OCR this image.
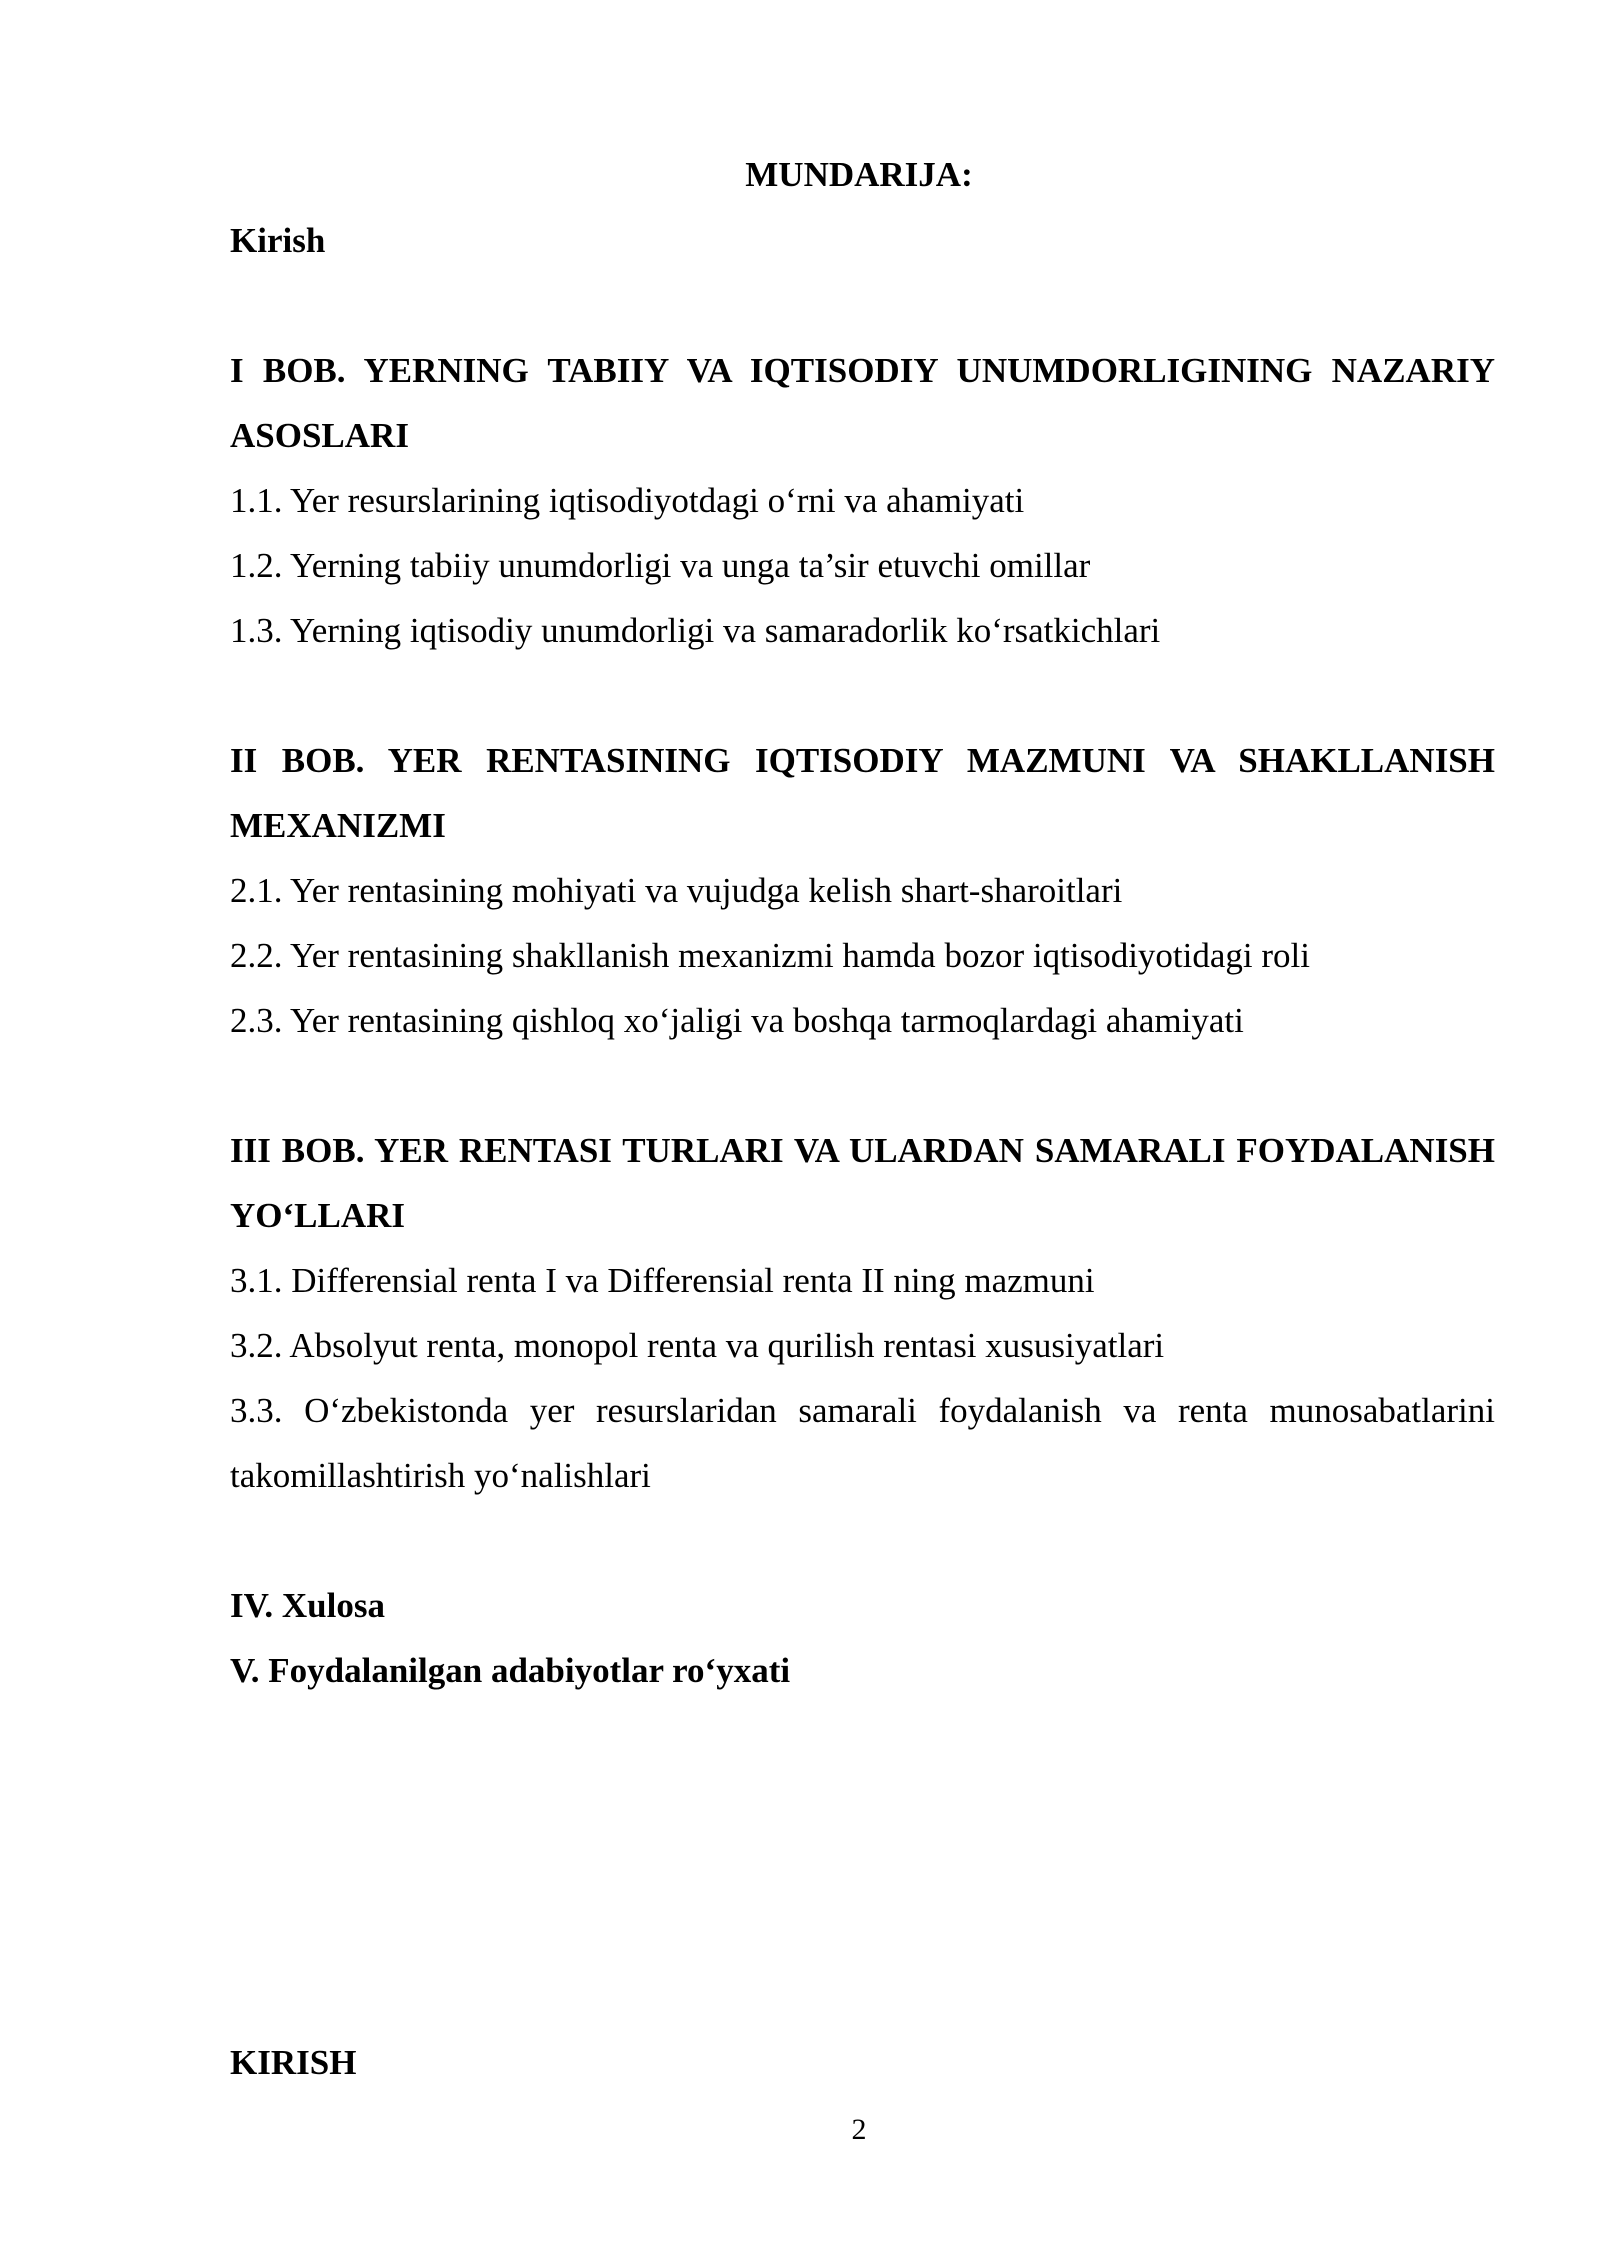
MUNDARIJA:
Kirish

I BOB. YERNING TABIIY VA IQTISODIY UNUMDORLIGINING NAZARIY ASOSLARI

1.1. Yer resurslarining iqtisodiyotdagi o‘rni va ahamiyati

1.2. Yerning tabiiy unumdorligi va unga ta’sir etuvchi omillar

1.3. Yerning iqtisodiy unumdorligi va samaradorlik ko‘rsatkichlari

II BOB. YER RENTASINING IQTISODIY MAZMUNI VA SHAKLLANISH MEXANIZMI

2.1. Yer rentasining mohiyati va vujudga kelish shart-sharoitlari

2.2. Yer rentasining shakllanish mexanizmi hamda bozor iqtisodiyotidagi roli

2.3. Yer rentasining qishloq xo‘jaligi va boshqa tarmoqlardagi ahamiyati

III BOB. YER RENTASI TURLARI VA ULARDAN SAMARALI FOYDALANISH YO‘LLARI

3.1. Differensial renta I va Differensial renta II ning mazmuni

3.2. Absolyut renta, monopol renta va qurilish rentasi xususiyatlari

3.3. O‘zbekistonda yer resurslaridan samarali foydalanish va renta munosabatlarini takomillashtirish yo‘nalishlari

IV. Xulosa

V. Foydalanilgan adabiyotlar ro‘yxati

KIRISH
2
